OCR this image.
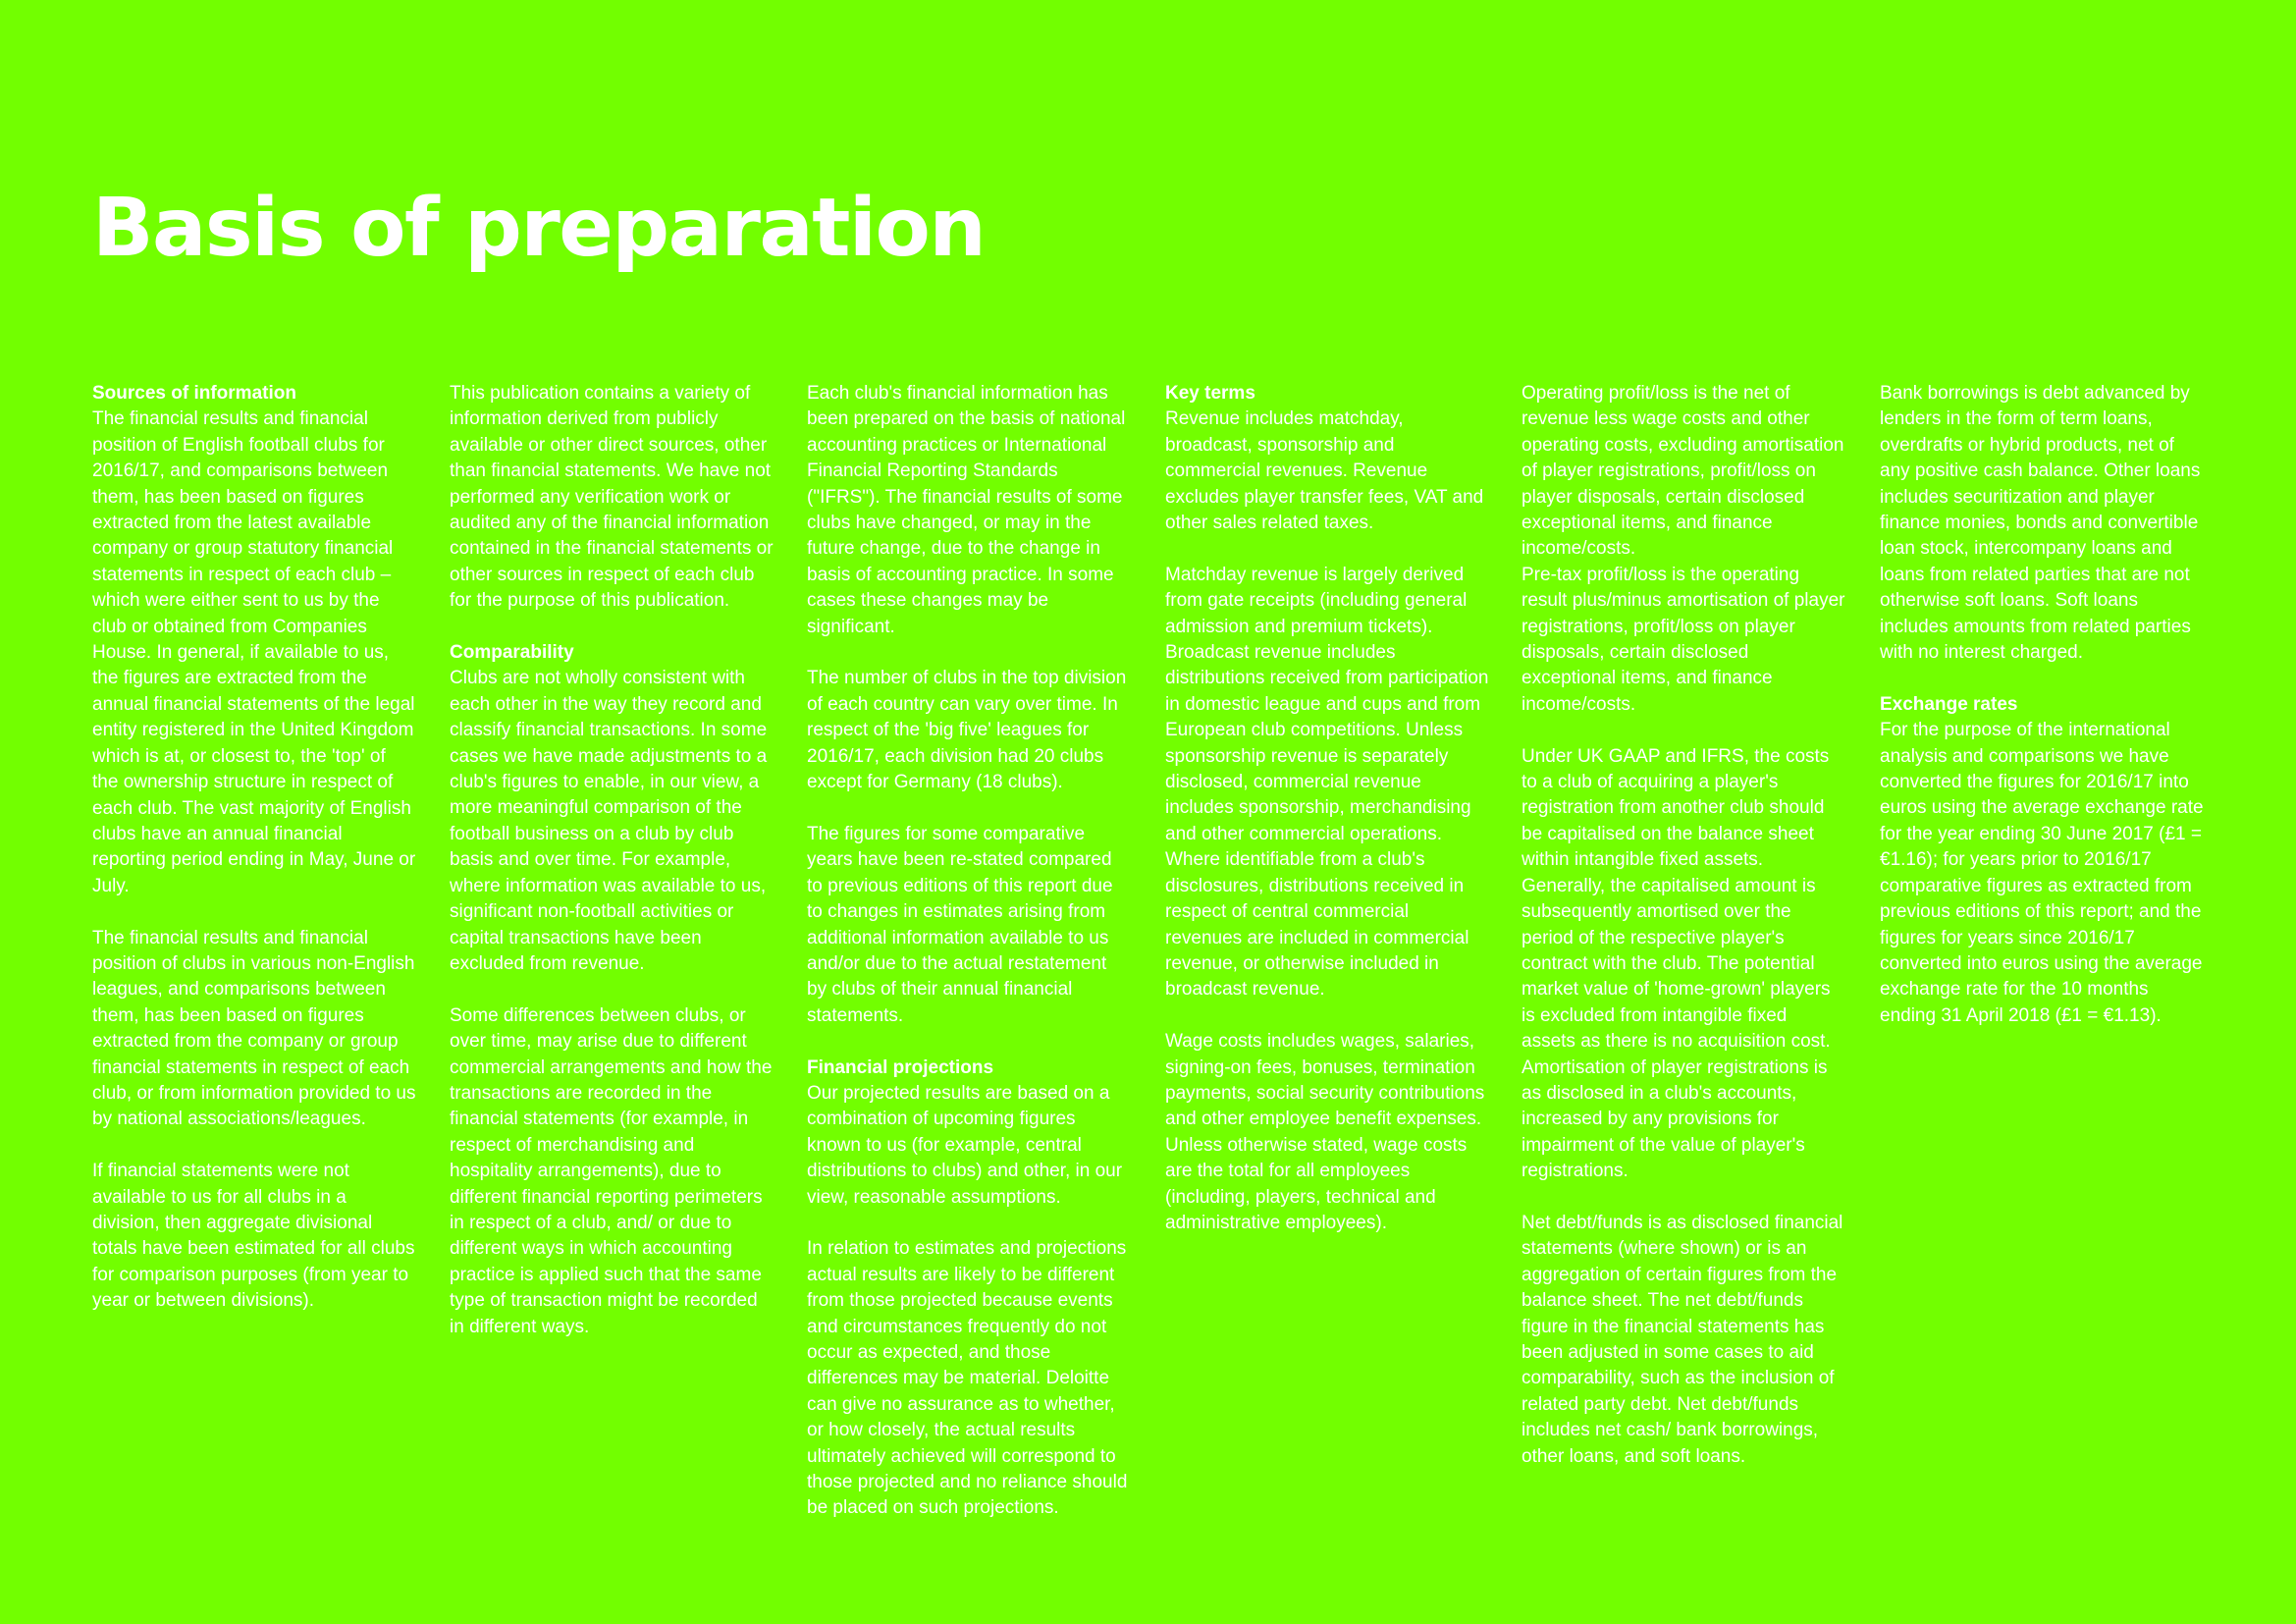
Basis of preparation
Sources of information

The financial results and financial position of English football clubs for 2016/17, and comparisons between them, has been based on figures extracted from the latest available company or group statutory financial statements in respect of each club – which were either sent to us by the club or obtained from Companies House. In general, if available to us, the figures are extracted from the annual financial statements of the legal entity registered in the United Kingdom which is at, or closest to, the 'top' of the ownership structure in respect of each club. The vast majority of English clubs have an annual financial reporting period ending in May, June or July.

The financial results and financial position of clubs in various non-English leagues, and comparisons between them, has been based on figures extracted from the company or group financial statements in respect of each club, or from information provided to us by national associations/leagues.

If financial statements were not available to us for all clubs in a division, then aggregate divisional totals have been estimated for all clubs for comparison purposes (from year to year or between divisions).

This publication contains a variety of information derived from publicly available or other direct sources, other than financial statements. We have not performed any verification work or audited any of the financial information contained in the financial statements or other sources in respect of each club for the purpose of this publication.

Comparability

Clubs are not wholly consistent with each other in the way they record and classify financial transactions. In some cases we have made adjustments to a club's figures to enable, in our view, a more meaningful comparison of the football business on a club by club basis and over time. For example, where information was available to us, significant non-football activities or capital transactions have been excluded from revenue.

Some differences between clubs, or over time, may arise due to different commercial arrangements and how the transactions are recorded in the financial statements (for example, in respect of merchandising and hospitality arrangements), due to different financial reporting perimeters in respect of a club, and/ or due to different ways in which accounting practice is applied such that the same type of transaction might be recorded in different ways.

Each club's financial information has been prepared on the basis of national accounting practices or International Financial Reporting Standards ("IFRS"). The financial results of some clubs have changed, or may in the future change, due to the change in basis of accounting practice. In some cases these changes may be significant.

The number of clubs in the top division of each country can vary over time. In respect of the 'big five' leagues for 2016/17, each division had 20 clubs except for Germany (18 clubs).

The figures for some comparative years have been re-stated compared to previous editions of this report due to changes in estimates arising from additional information available to us and/or due to the actual restatement by clubs of their annual financial statements.

Financial projections

Our projected results are based on a combination of upcoming figures known to us (for example, central distributions to clubs) and other, in our view, reasonable assumptions.

In relation to estimates and projections actual results are likely to be different from those projected because events and circumstances frequently do not occur as expected, and those differences may be material. Deloitte can give no assurance as to whether, or how closely, the actual results ultimately achieved will correspond to those projected and no reliance should be placed on such projections.

Key terms

Revenue includes matchday, broadcast, sponsorship and commercial revenues. Revenue excludes player transfer fees, VAT and other sales related taxes.

Matchday revenue is largely derived from gate receipts (including general admission and premium tickets). Broadcast revenue includes distributions received from participation in domestic league and cups and from European club competitions. Unless sponsorship revenue is separately disclosed, commercial revenue includes sponsorship, merchandising and other commercial operations. Where identifiable from a club's disclosures, distributions received in respect of central commercial revenues are included in commercial revenue, or otherwise included in broadcast revenue.

Wage costs includes wages, salaries, signing-on fees, bonuses, termination payments, social security contributions and other employee benefit expenses. Unless otherwise stated, wage costs are the total for all employees (including, players, technical and administrative employees).

Operating profit/loss is the net of revenue less wage costs and other operating costs, excluding amortisation of player registrations, profit/loss on player disposals, certain disclosed exceptional items, and finance income/costs.

Pre-tax profit/loss is the operating result plus/minus amortisation of player registrations, profit/loss on player disposals, certain disclosed exceptional items, and finance income/costs.

Under UK GAAP and IFRS, the costs to a club of acquiring a player's registration from another club should be capitalised on the balance sheet within intangible fixed assets. Generally, the capitalised amount is subsequently amortised over the period of the respective player's contract with the club. The potential market value of 'home-grown' players is excluded from intangible fixed assets as there is no acquisition cost. Amortisation of player registrations is as disclosed in a club's accounts, increased by any provisions for impairment of the value of player's registrations.

Net debt/funds is as disclosed financial statements (where shown) or is an aggregation of certain figures from the balance sheet. The net debt/funds figure in the financial statements has been adjusted in some cases to aid comparability, such as the inclusion of related party debt. Net debt/funds includes net cash/ bank borrowings, other loans, and soft loans.

Bank borrowings is debt advanced by lenders in the form of term loans, overdrafts or hybrid products, net of any positive cash balance. Other loans includes securitization and player finance monies, bonds and convertible loan stock, intercompany loans and loans from related parties that are not otherwise soft loans. Soft loans includes amounts from related parties with no interest charged.

Exchange rates

For the purpose of the international analysis and comparisons we have converted the figures for 2016/17 into euros using the average exchange rate for the year ending 30 June 2017 (£1 = €1.16); for years prior to 2016/17 comparative figures as extracted from previous editions of this report; and the figures for years since 2016/17 converted into euros using the average exchange rate for the 10 months ending 31 April 2018 (£1 = €1.13).
